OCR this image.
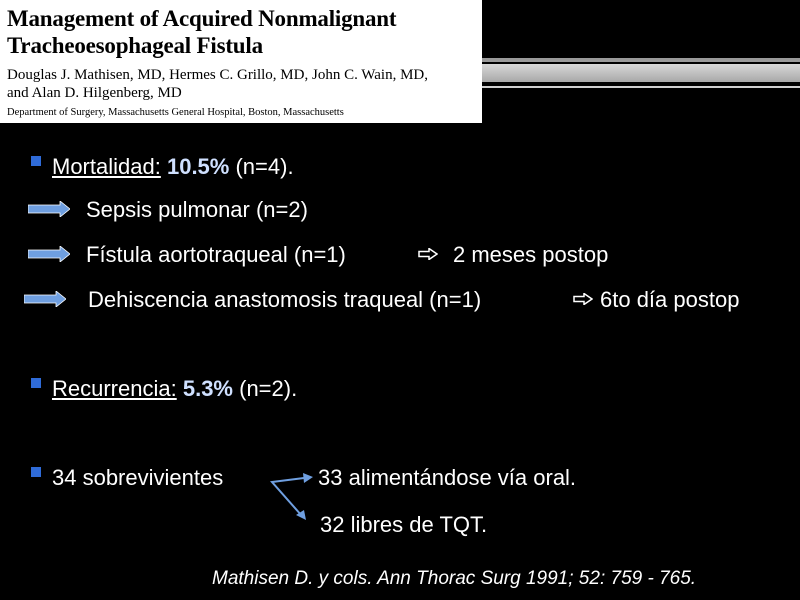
Management of Acquired Nonmalignant
Tracheoesophageal Fistula
Douglas J. Mathisen, MD, Hermes C. Grillo, MD, John C. Wain, MD,
and Alan D. Hilgenberg, MD
Department of Surgery, Massachusetts General Hospital, Boston, Massachusetts
Mortalidad: 10.5% (n=4).
Sepsis pulmonar (n=2)
Fístula aortotraqueal (n=1)	2 meses postop
Dehiscencia anastomosis traqueal (n=1)	6to día postop
Recurrencia: 5.3% (n=2).
34 sobrevivientes	33 alimentándose vía oral.
32 libres de TQT.
Mathisen D. y cols. Ann Thorac Surg 1991; 52: 759 - 765.
